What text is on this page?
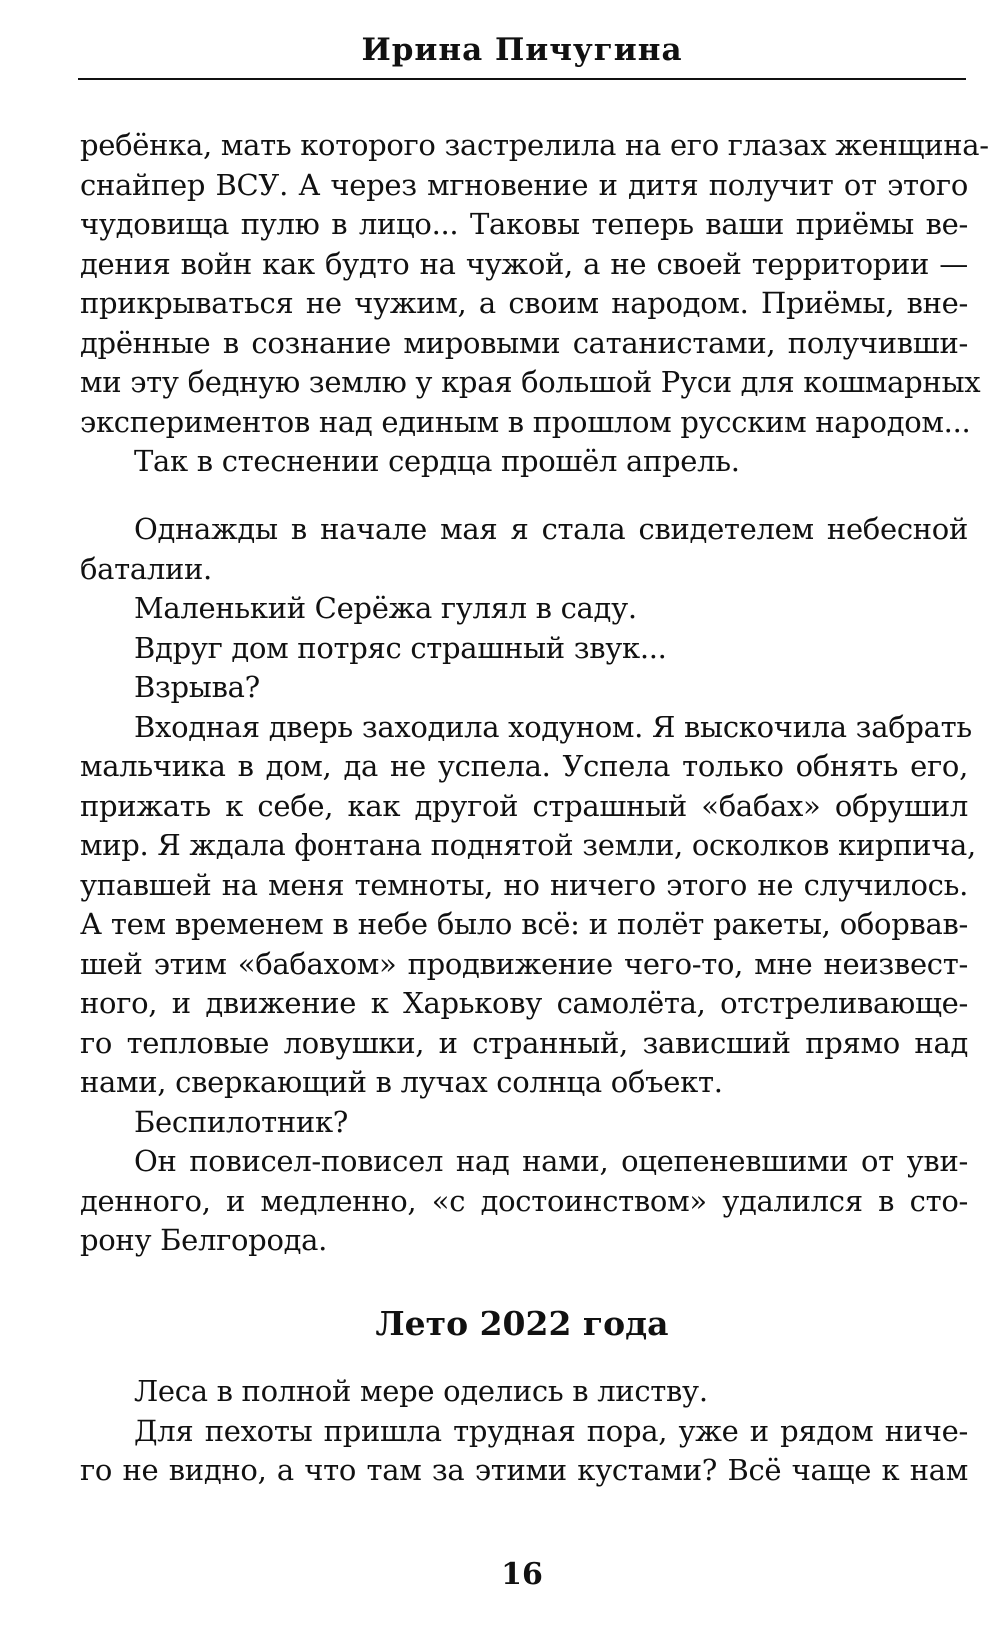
Ирина Пичугина
ребёнка, мать которого застрелила на его глазах женщина-
снайпер ВСУ. А через мгновение и дитя получит от этого
чудовища пулю в лицо... Таковы теперь ваши приёмы ве-
дения войн как будто на чужой, а не своей территории —
прикрываться не чужим, а своим народом. Приёмы, вне-
дрённые в сознание мировыми сатанистами, получивши-
ми эту бедную землю у края большой Руси для кошмарных
экспериментов над единым в прошлом русским народом...
Так в стеснении сердца прошёл апрель.
Однажды в начале мая я стала свидетелем небесной
баталии.
Маленький Серёжа гулял в саду.
Вдруг дом потряс страшный звук...
Взрыва?
Входная дверь заходила ходуном. Я выскочила забрать
мальчика в дом, да не успела. Успела только обнять его,
прижать к себе, как другой страшный «бабах» обрушил
мир. Я ждала фонтана поднятой земли, осколков кирпича,
упавшей на меня темноты, но ничего этого не случилось.
А тем временем в небе было всё: и полёт ракеты, оборвав-
шей этим «бабахом» продвижение чего-то, мне неизвест-
ного, и движение к Харькову самолёта, отстреливающе-
го тепловые ловушки, и странный, зависший прямо над
нами, сверкающий в лучах солнца объект.
Беспилотник?
Он повисел-повисел над нами, оцепеневшими от уви-
денного, и медленно, «с достоинством» удалился в сто-
рону Белгорода.
Лето 2022 года
Леса в полной мере оделись в листву.
Для пехоты пришла трудная пора, уже и рядом ниче-
го не видно, а что там за этими кустами? Всё чаще к нам
16
